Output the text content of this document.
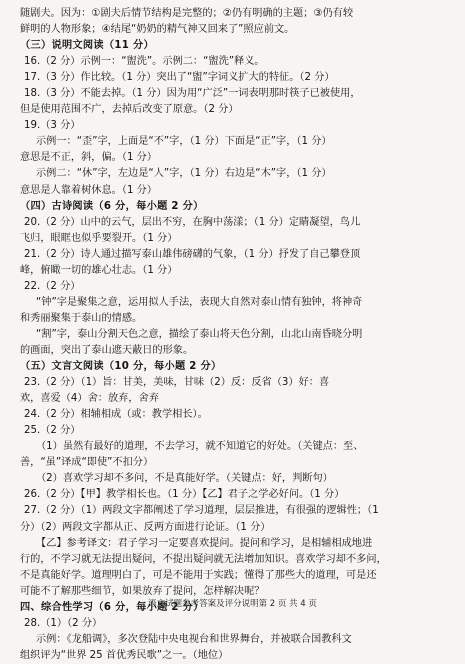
随剧夫。因为：①剧夫后情节结构是完整的；②仍有明确的主题；③仍有较
鲜明的人物形象；④结尾“奶奶的精气神又回来了”照应前文。
（三）说明文阅读（11 分）
16.（2 分）示例一：“盥洗”。示例二：“盥洗”释义。
17.（3 分）作比较。（1 分）突出了“盥”字词义扩大的特征。（2 分）
18.（3 分）不能去掉。（1 分）因为用“广泛”一词表明那时筷子已被使用，
但是使用范围不广，去掉后改变了原意。（2 分）
19.（3 分）
示例一：“歪”字，上面是“不”字，（1 分）下面是“正”字，（1 分）
意思是不正，斜，偏。（1 分）
示例二：“休”字，左边是“人”字，（1 分）右边是“木”字，（1 分）
意思是人靠着树休息。（1 分）
（四）古诗阅读（6 分，每小题 2 分）
20.（2 分）山中的云气，层出不穷，在胸中荡漾；（1 分）定睛凝望，鸟儿
飞归，眼眶也似乎要裂开。（1 分）
21.（2 分）诗人通过描写泰山雄伟磅礴的气象，（1 分）抒发了自己攀登顶
峰，俯瞰一切的雄心壮志。（1 分）
22.（2 分）
“钟”字是聚集之意，运用拟人手法，表现大自然对泰山情有独钟，将神奇
和秀丽聚集于泰山的情感。
“割”字，泰山分割天色之意，描绘了泰山将天色分割，山北山南昏晓分明
的画面，突出了泰山遮天蔽日的形象。
（五）文言文阅读（10 分，每小题 2 分）
23.（2 分）（1）旨：甘美，美味，甘味（2）反：反省（3）好：喜
欢，喜爱（4）舍：放弃，舍弃
24.（2 分）相辅相成（或：教学相长）。
25.（2 分）
（1）虽然有最好的道理，不去学习，就不知道它的好处。（关键点：至、
善，“虽”译成“即使”不扣分）
（2）喜欢学习却不多问，不是真能好学。（关键点：好，判断句）
26.（2 分）【甲】教学相长也。（1 分）【乙】君子之学必好问。（1 分）
27.（2 分）（1）两段文字都阐述了学习道理，层层推进，有很强的逻辑性；（1
分）（2）两段文字都从正、反两方面进行论证。（1 分）
【乙】参考译文：君子学习一定要喜欢提问。提问和学习，是相辅相成地进
行的，不学习就无法提出疑问，不提出疑问就无法增加知识。喜欢学习却不多问，
不是真能好学。道理明白了，可是不能用于实践；懂得了那些大的道理，可是还
可能不了解那些细节，如果放弃了提问，怎样解决呢？
四、综合性学习（6 分，每小题 2 分）
28.（1）（2 分）
示例：《龙船调》，多次登陆中央电视台和世界舞台，并被联合国教科文
组织评为“世界 25 首优秀民歌”之一。（地位）
语文试题参考答案及评分说明第 2 页 共 4 页
